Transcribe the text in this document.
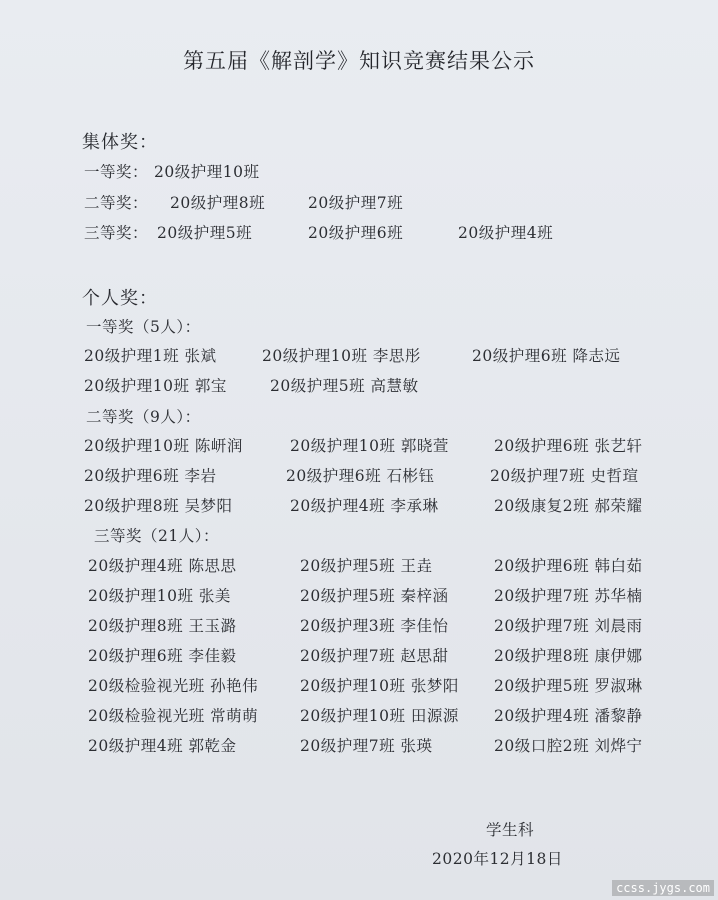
第五届《解剖学》知识竞赛结果公示
集体奖：
一等奖： 20级护理10班
二等奖： 20级护理8班	20级护理7班
三等奖： 20级护理5班	20级护理6班	20级护理4班
个人奖：
一等奖（5人）：
20级护理1班 张斌	20级护理10班 李思彤	20级护理6班 降志远
20级护理10班 郭宝	20级护理5班 高慧敏
二等奖（9人）：
20级护理10班 陈岍润	20级护理10班 郭晓萱	20级护理6班 张艺轩
20级护理6班 李岩	20级护理6班 石彬钰	20级护理7班 史哲瑄
20级护理8班 吴梦阳	20级护理4班 李承琳	20级康复2班 郝荣耀
三等奖（21人）：
20级护理4班 陈思思	20级护理5班 王垚	20级护理6班 韩白茹
20级护理10班 张美	20级护理5班 秦梓涵	20级护理7班 苏华楠
20级护理8班 王玉潞	20级护理3班 李佳怡	20级护理7班 刘晨雨
20级护理6班 李佳毅	20级护理7班 赵思甜	20级护理8班 康伊娜
20级检验视光班 孙艳伟	20级护理10班 张梦阳 20级护理5班 罗淑琳
20级检验视光班 常萌萌	20级护理10班 田源源 20级护理4班 潘黎静
20级护理4班 郭乾金	20级护理7班 张瑛	20级口腔2班 刘烨宁
学生科
2020年12月18日
ccss.jygs.com
